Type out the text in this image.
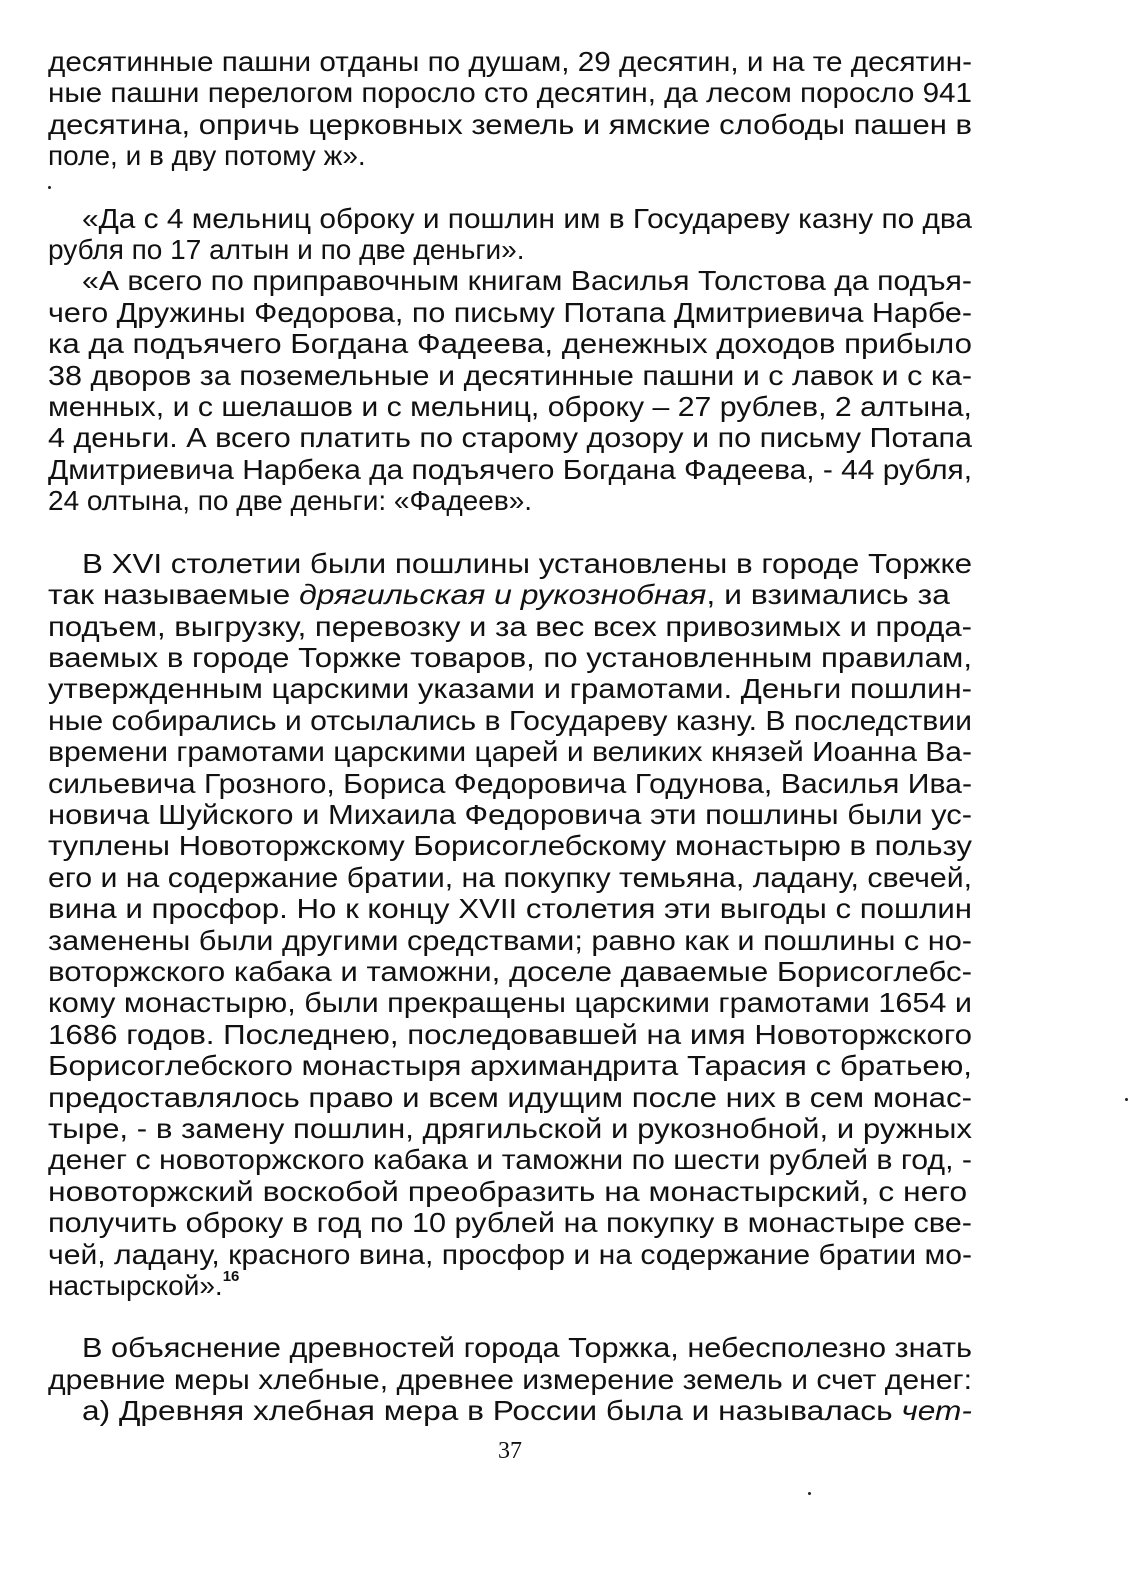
десятинные пашни отданы по душам, 29 десятин, и на те десятин-
ные пашни перелогом поросло сто десятин, да лесом поросло 941
десятина, опричь церковных земель и ямские слободы пашен в
поле, и в дву потому ж».
«Да с 4 мельниц оброку и пошлин им в Государеву казну по два
рубля по 17 алтын и по две деньги».
«А всего по приправочным книгам Василья Толстова да подъя-
чего Дружины Федорова, по письму Потапа Дмитриевича Нарбе-
ка да подъячего Богдана Фадеева, денежных доходов прибыло
38 дворов за поземельные и десятинные пашни и с лавок и с ка-
менных, и с шелашов и с мельниц, оброку – 27 рублев, 2 алтына,
4 деньги. А всего платить по старому дозору и по письму Потапа
Дмитриевича Нарбека да подъячего Богдана Фадеева, - 44 рубля,
24 олтына, по две деньги: «Фадеев».
В XVI столетии были пошлины установлены в городе Торжке
так называемые дрягильская и рукознобная, и взимались за
подъем, выгрузку, перевозку и за вес всех привозимых и прода-
ваемых в городе Торжке товаров, по установленным правилам,
утвержденным царскими указами и грамотами. Деньги пошлин-
ные собирались и отсылались в Государеву казну. В последствии
времени грамотами царскими царей и великих князей Иоанна Ва-
сильевича Грозного, Бориса Федоровича Годунова, Василья Ива-
новича Шуйского и Михаила Федоровича эти пошлины были ус-
туплены Новоторжскому Борисоглебскому монастырю в пользу
его и на содержание братии, на покупку темьяна, ладану, свечей,
вина и просфор. Но к концу XVII столетия эти выгоды с пошлин
заменены были другими средствами; равно как и пошлины с но-
воторжского кабака и таможни, доселе даваемые Борисоглебс-
кому монастырю, были прекращены царскими грамотами 1654 и
1686 годов. Последнею, последовавшей на имя Новоторжского
Борисоглебского монастыря архимандрита Тарасия с братьею,
предоставлялось право и всем идущим после них в сем монас-
тыре, - в замену пошлин, дрягильской и рукознобной, и ружных
денег с новоторжского кабака и таможни по шести рублей в год, -
новоторжский воскобой преобразить на монастырский, с него
получить оброку в год по 10 рублей на покупку в монастыре све-
чей, ладану, красного вина, просфор и на содержание братии мо-
настырской».$^{16}$
В объяснение древностей города Торжка, небесполезно знать
древние меры хлебные, древнее измерение земель и счет денег:
а) Древняя хлебная мера в России была и называлась чет-
37
